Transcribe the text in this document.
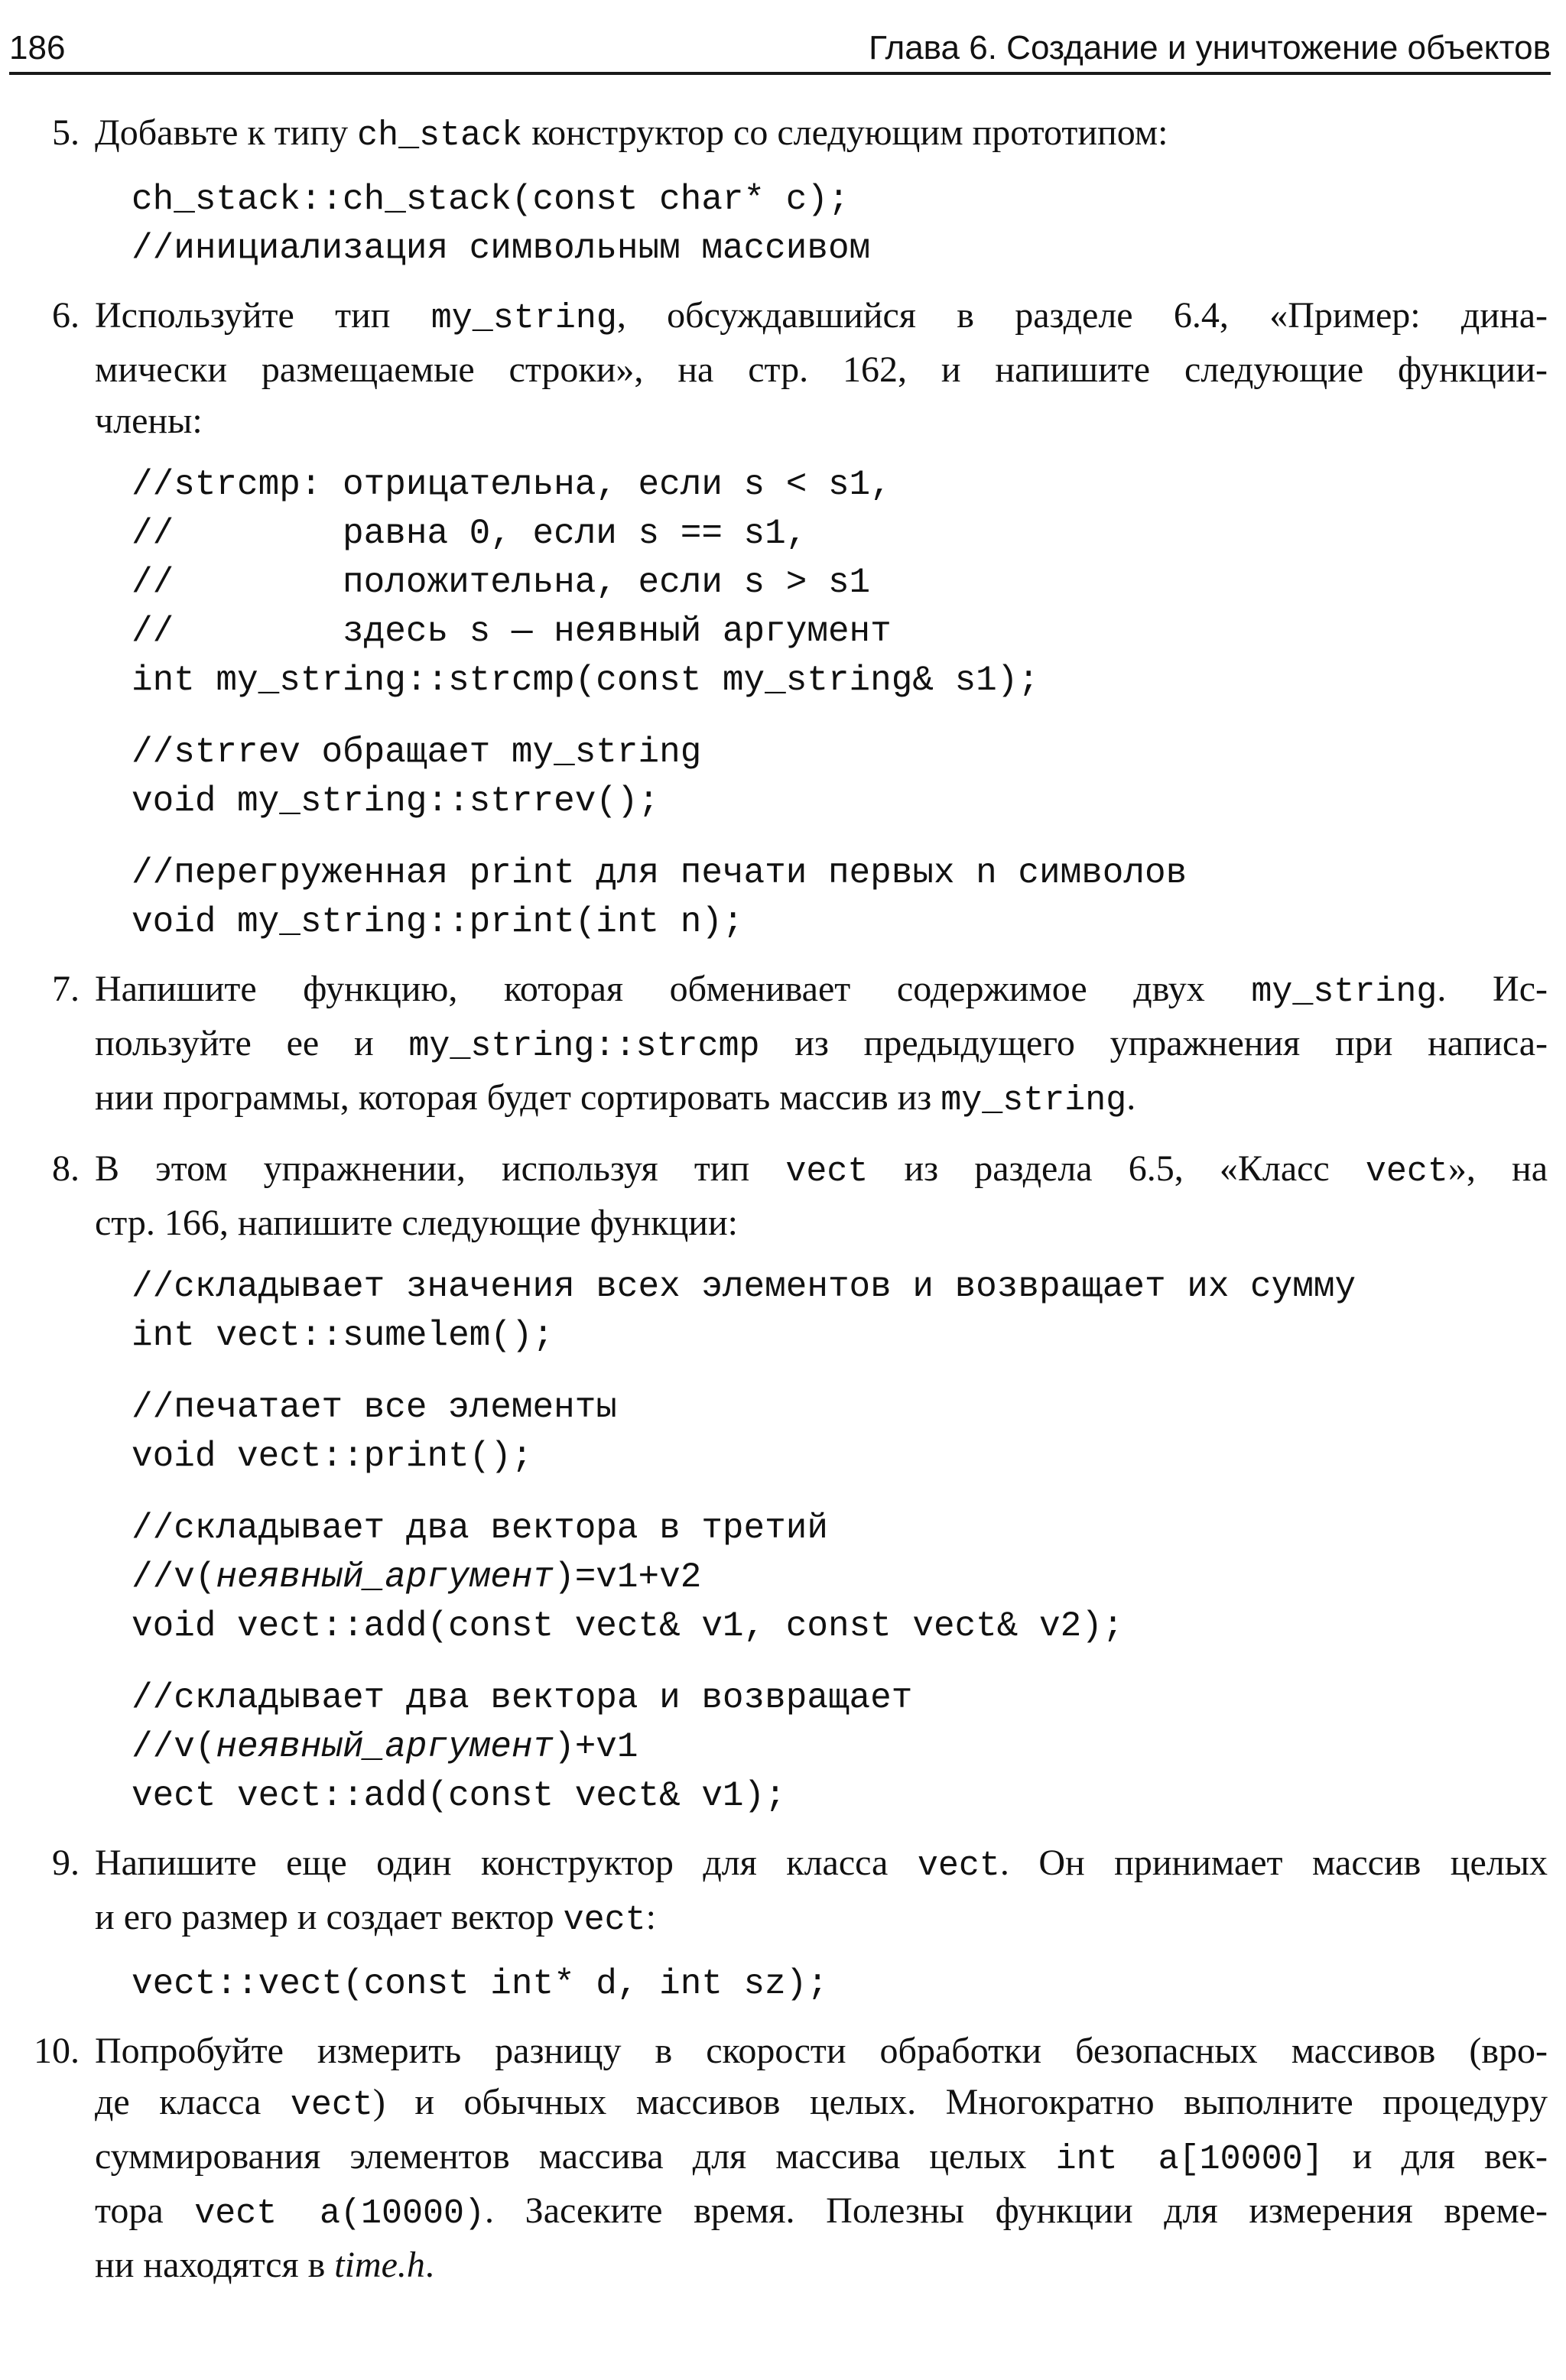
186	Глава 6. Создание и уничтожение объектов
5. Добавьте к типу ch_stack конструктор со следующим прототипом:
ch_stack::ch_stack(const char* c);
//инициализация символьным массивом
6. Используйте тип my_string, обсуждавшийся в разделе 6.4, «Пример: дина-
мически размещаемые строки», на стр. 162, и напишите следующие функции-
члены:
//strcmp: отрицательна, если s < s1,
//        равна 0, если s == s1,
//        положительна, если s > s1
//        здесь s — неявный аргумент
int my_string::strcmp(const my_string& s1);
//strrev обращает my_string
void my_string::strrev();
//перегруженная print для печати первых n символов
void my_string::print(int n);
7. Напишите функцию, которая обменивает содержимое двух my_string. Ис-
пользуйте ее и my_string::strcmp из предыдущего упражнения при написа-
нии программы, которая будет сортировать массив из my_string.
8. В этом упражнении, используя тип vect из раздела 6.5, «Класс vect», на
стр. 166, напишите следующие функции:
//складывает значения всех элементов и возвращает их сумму
int vect::sumelem();
//печатает все элементы
void vect::print();
//складывает два вектора в третий
//v(неявный_аргумент)=v1+v2
void vect::add(const vect& v1, const vect& v2);
//складывает два вектора и возвращает
//v(неявный_аргумент)+v1
vect vect::add(const vect& v1);
9. Напишите еще один конструктор для класса vect. Он принимает массив целых
и его размер и создает вектор vect:
vect::vect(const int* d, int sz);
10. Попробуйте измерить разницу в скорости обработки безопасных массивов (вро-
де класса vect) и обычных массивов целых. Многократно выполните процедуру
суммирования элементов массива для массива целых int a[10000] и для век-
тора vect a(10000). Засеките время. Полезны функции для измерения време-
ни находятся в time.h.
